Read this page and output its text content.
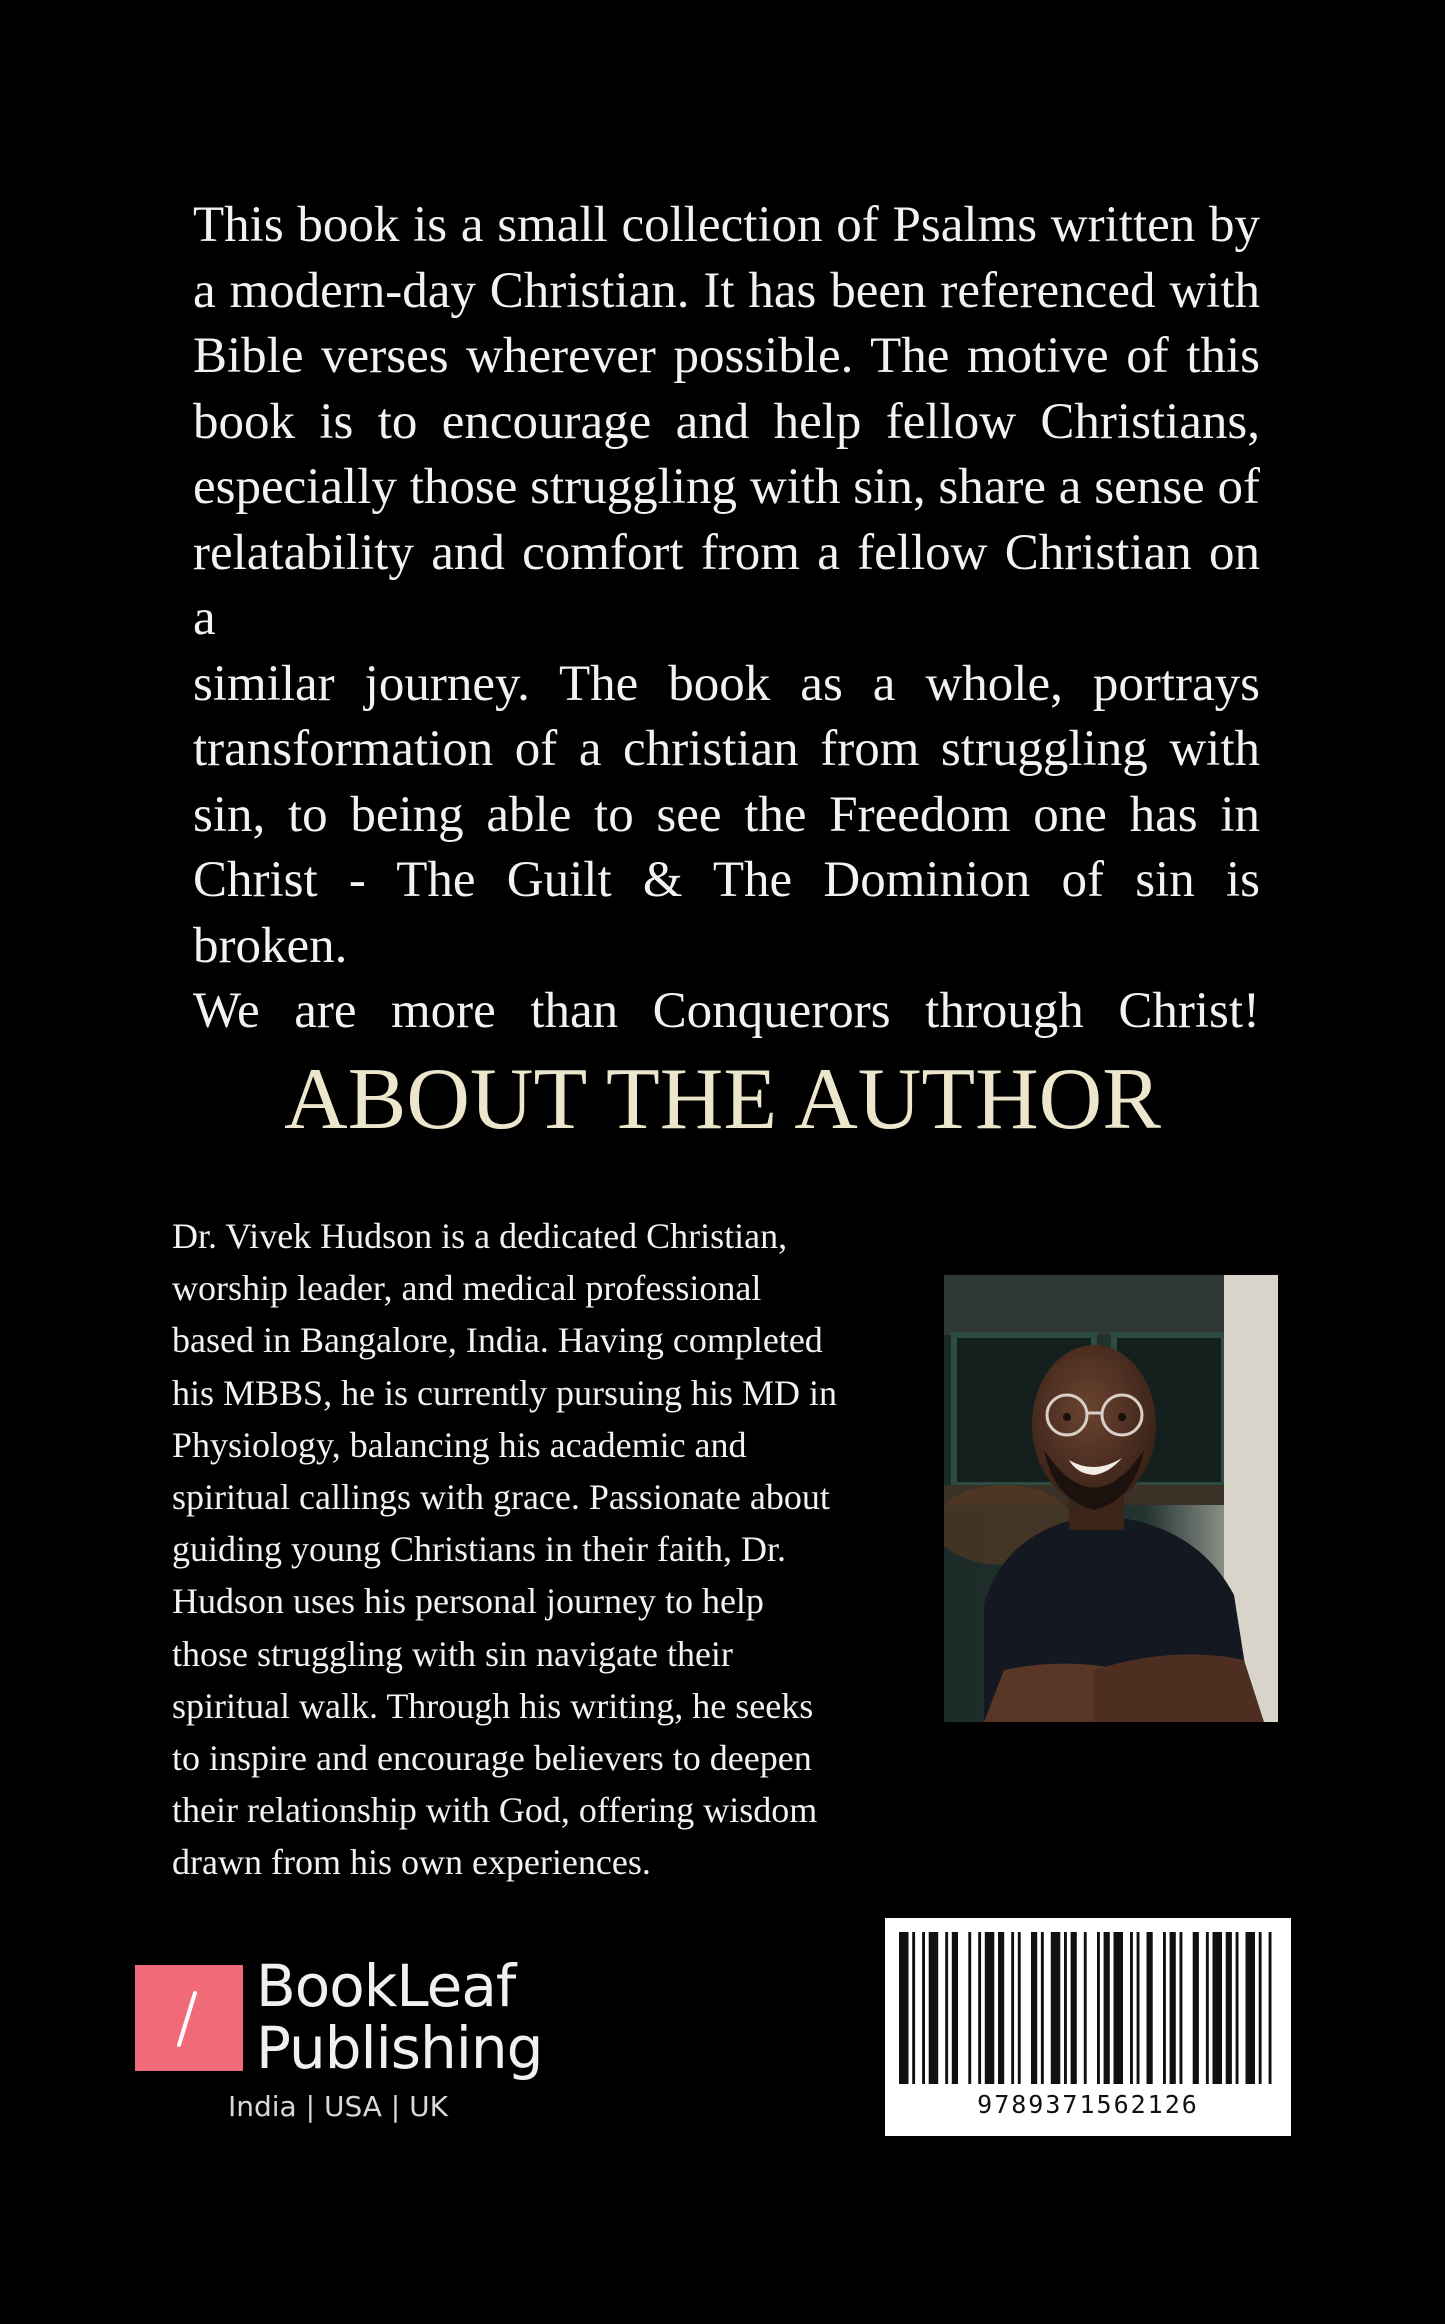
This book is a small collection of Psalms written by
a modern-day Christian. It has been referenced with
Bible verses wherever possible. The motive of this
book is to encourage and help fellow Christians,
especially those struggling with sin, share a sense of
relatability and comfort from a fellow Christian on a
similar journey. The book as a whole, portrays
transformation of a christian from struggling with
sin, to being able to see the Freedom one has in
Christ - The Guilt & The Dominion of sin is broken.
We are more than Conquerors through Christ!
ABOUT THE AUTHOR
Dr. Vivek Hudson is a dedicated Christian,
worship leader, and medical professional
based in Bangalore, India. Having completed
his MBBS, he is currently pursuing his MD in
Physiology, balancing his academic and
spiritual callings with grace. Passionate about
guiding young Christians in their faith, Dr.
Hudson uses his personal journey to help
those struggling with sin navigate their
spiritual walk. Through his writing, he seeks
to inspire and encourage believers to deepen
their relationship with God, offering wisdom
drawn from his own experiences.
BookLeaf
Publishing
India | USA | UK	9789371562126
